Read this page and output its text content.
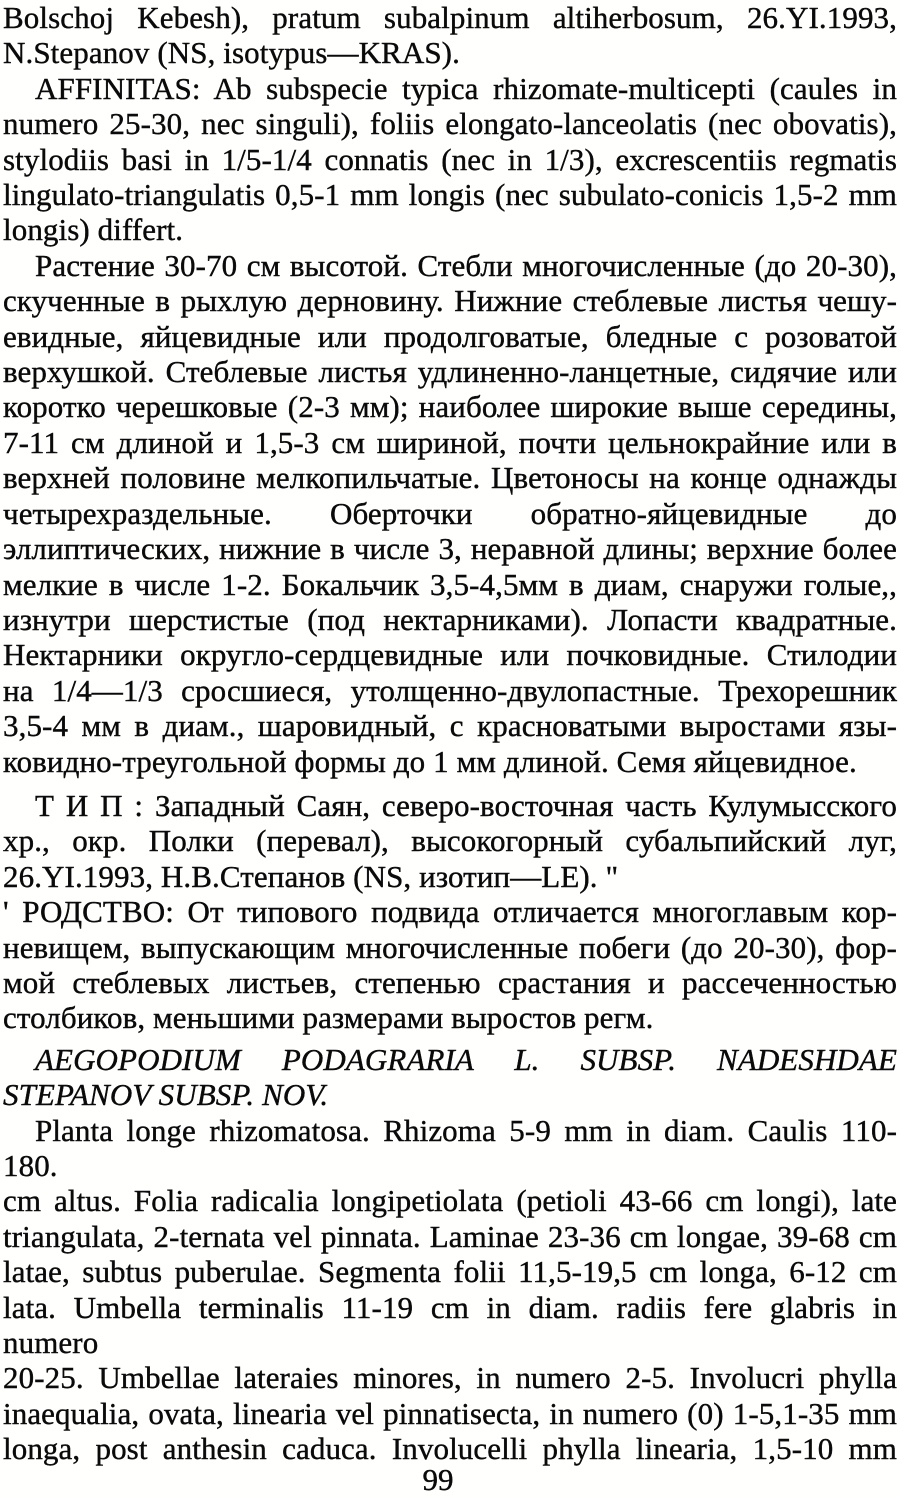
Bolschoj Kebesh), pratum subalpinum altiherbosum, 26.YI.1993,
N.Stepanov (NS, isotypus—KRAS).

AFFINITAS: Ab subspecie typica rhizomate-multicepti (caules in
numero 25-30, nec singuli), foliis elongato-lanceolatis (nec obovatis),
stylodiis basi in 1/5-1/4 connatis (nec in 1/3), excrescentiis regmatis
lingulato-triangulatis 0,5-1 mm longis (nec subulato-conicis 1,5-2 mm
longis) differt.

Растение 30-70 см высотой. Стебли многочисленные (до 20-30),
скученные в рыхлую дерновину. Нижние стеблевые листья чешу-
евидные, яйцевидные или продолговатые, бледные с розоватой
верхушкой. Стеблевые листья удлиненно-ланцетные, сидячие или
коротко черешковые (2-3 мм); наиболее широкие выше середины,
7-11 см длиной и 1,5-3 см шириной, почти цельнокрайние или в
верхней половине мелкопильчатые. Цветоносы на конце однажды
четырехраздельные. Оберточки обратно-яйцевидные до
эллиптических, нижние в числе 3, неравной длины; верхние более
мелкие в числе 1-2. Бокальчик 3,5-4,5мм в диам, снаружи голые,,
изнутри шерстистые (под нектарниками). Лопасти квадратные.
Нектарники округло-сердцевидные или почковидные. Стилодии
на 1/4—1/3 сросшиеся, утолщенно-двулопастные. Трехорешник
3,5-4 мм в диам., шаровидный, с красноватыми выростами язы-
ковидно-треугольной формы до 1 мм длиной. Семя яйцевидное.

Т И П : Западный Саян, северо-восточная часть Кулумысского
хр., окр. Полки (перевал), высокогорный субальпийский луг,
26.YI.1993, Н.В.Степанов (NS, изотип—LE). "

' РОДСТВО: От типового подвида отличается многоглавым кор-
невищем, выпускающим многочисленные побеги (до 20-30), фор-
мой стеблевых листьев, степенью срастания и рассеченностью
столбиков, меньшими размерами выростов регм.

AEGOPODIUM PODAGRARIA L. SUBSP. NADESHDAE
STEPANOV SUBSP. NOV.

Planta longe rhizomatosa. Rhizoma 5-9 mm in diam. Caulis 110-180.
cm altus. Folia radicalia longipetiolata (petioli 43-66 cm longi), late
triangulata, 2-ternata vel pinnata. Laminae 23-36 cm longae, 39-68 cm
latae, subtus puberulae. Segmenta folii 11,5-19,5 cm longa, 6-12 cm
lata. Umbella terminalis 11-19 cm in diam. radiis fere glabris in numero
20-25. Umbellae lateraies minores, in numero 2-5. Involucri phylla
inaequalia, ovata, linearia vel pinnatisecta, in numero (0) 1-5,1-35 mm
longa, post anthesin caduca. Involucelli phylla linearia, 1,5-10 mm

99
